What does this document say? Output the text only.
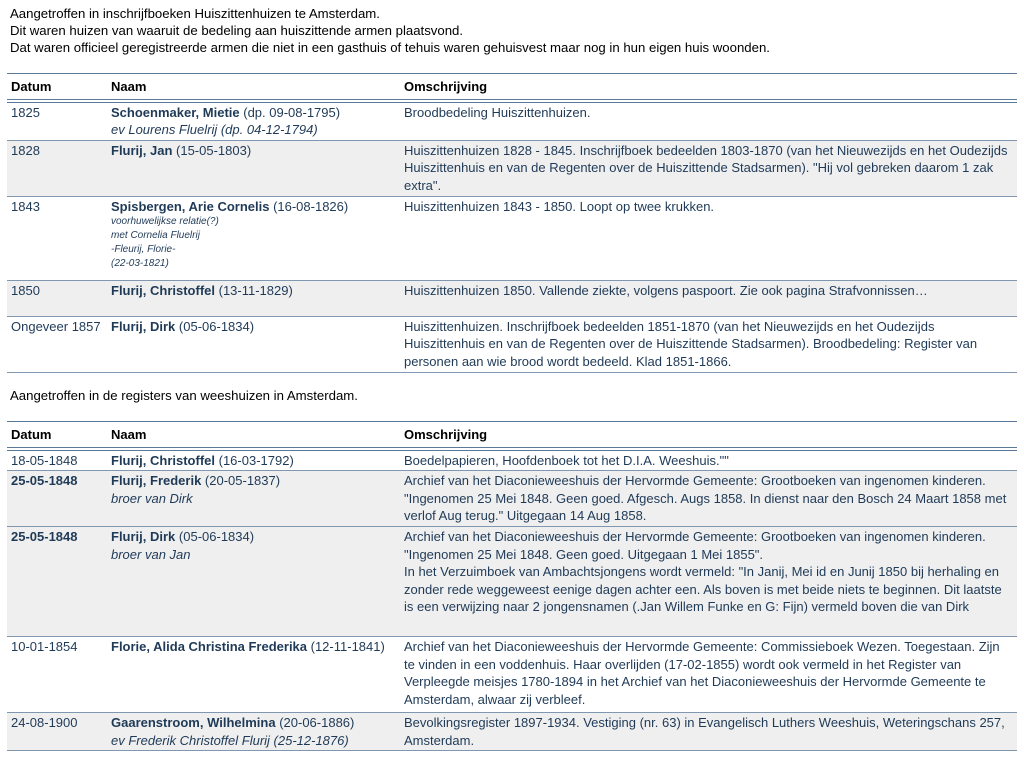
Aangetroffen in inschrijfboeken Huiszittenhuizen te Amsterdam.

Dit waren huizen van waaruit de bedeling aan huiszittende armen plaatsvond.

Dat waren officieel geregistreerde armen die niet in een gasthuis of tehuis waren gehuisvest maar nog in hun eigen huis woonden.

Datum	Naam	Omschrijving
1825	Schoenmaker, Mietie (dp. 09-08-1795)
ev Lourens Fluelrij (dp. 04-12-1794)	Broodbedeling Huiszittenhuizen.
1828	Flurij, Jan (15-05-1803)	Huiszittenhuizen 1828 - 1845. Inschrijfboek bedeelden 1803-1870 (van het Nieuwezijds en het Oudezijds Huiszittenhuis en van de Regenten over de Huiszittende Stadsarmen). "Hij vol gebreken daarom 1 zak extra".
1843	Spisbergen, Arie Cornelis (16-08-1826)

voorhuwelijkse relatie(?)
met Cornelia Fluelrij
-Fleurij, Florie-
(22-03-1821)	Huiszittenhuizen 1843 - 1850. Loopt op twee krukken.
1850	Flurij, Christoffel (13-11-1829)	Huiszittenhuizen 1850. Vallende ziekte, volgens paspoort. Zie ook pagina Strafvonnissen…
Ongeveer 1857	Flurij, Dirk (05-06-1834)	Huiszittenhuizen. Inschrijfboek bedeelden 1851-1870 (van het Nieuwezijds en het Oudezijds Huiszittenhuis en van de Regenten over de Huiszittende Stadsarmen). Broodbedeling: Register van personen aan wie brood wordt bedeeld. Klad 1851-1866.
Aangetroffen in de registers van weeshuizen in Amsterdam.
Datum	Naam	Omschrijving
18-05-1848	Flurij, Christoffel (16-03-1792)	Boedelpapieren, Hoofdenboek tot het D.I.A. Weeshuis.""
25-05-1848	Flurij, Frederik (20-05-1837)
broer van Dirk	Archief van het Diaconieweeshuis der Hervormde Gemeente: Grootboeken van ingenomen kinderen. "Ingenomen 25 Mei 1848. Geen goed. Afgesch. Augs 1858. In dienst naar den Bosch 24 Maart 1858 met verlof Aug terug." Uitgegaan 14 Aug 1858.
25-05-1848	Flurij, Dirk (05-06-1834)
broer van Jan	Archief van het Diaconieweeshuis der Hervormde Gemeente: Grootboeken van ingenomen kinderen. "Ingenomen 25 Mei 1848. Geen goed. Uitgegaan 1 Mei 1855".
In het Verzuimboek van Ambachtsjongens wordt vermeld: "In Janij, Mei id en Junij 1850 bij herhaling en zonder rede weggeweest eenige dagen achter een. Als boven is met beide niets te beginnen. Dit laatste is een verwijzing naar 2 jongensnamen (.Jan Willem Funke en G: Fijn) vermeld boven die van Dirk
10-01-1854	Florie, Alida Christina Frederika (12-11-1841)	Archief van het Diaconieweeshuis der Hervormde Gemeente: Commissieboek Wezen. Toegestaan. Zijn te vinden in een voddenhuis. Haar overlijden (17-02-1855) wordt ook vermeld in het Register van Verpleegde meisjes 1780-1894 in het Archief van het Diaconieweeshuis der Hervormde Gemeente te Amsterdam, alwaar zij verbleef.
24-08-1900	Gaarenstroom, Wilhelmina (20-06-1886)
ev Frederik Christoffel Flurij (25-12-1876)	Bevolkingsregister 1897-1934. Vestiging (nr. 63) in Evangelisch Luthers Weeshuis, Weteringschans 257, Amsterdam.
